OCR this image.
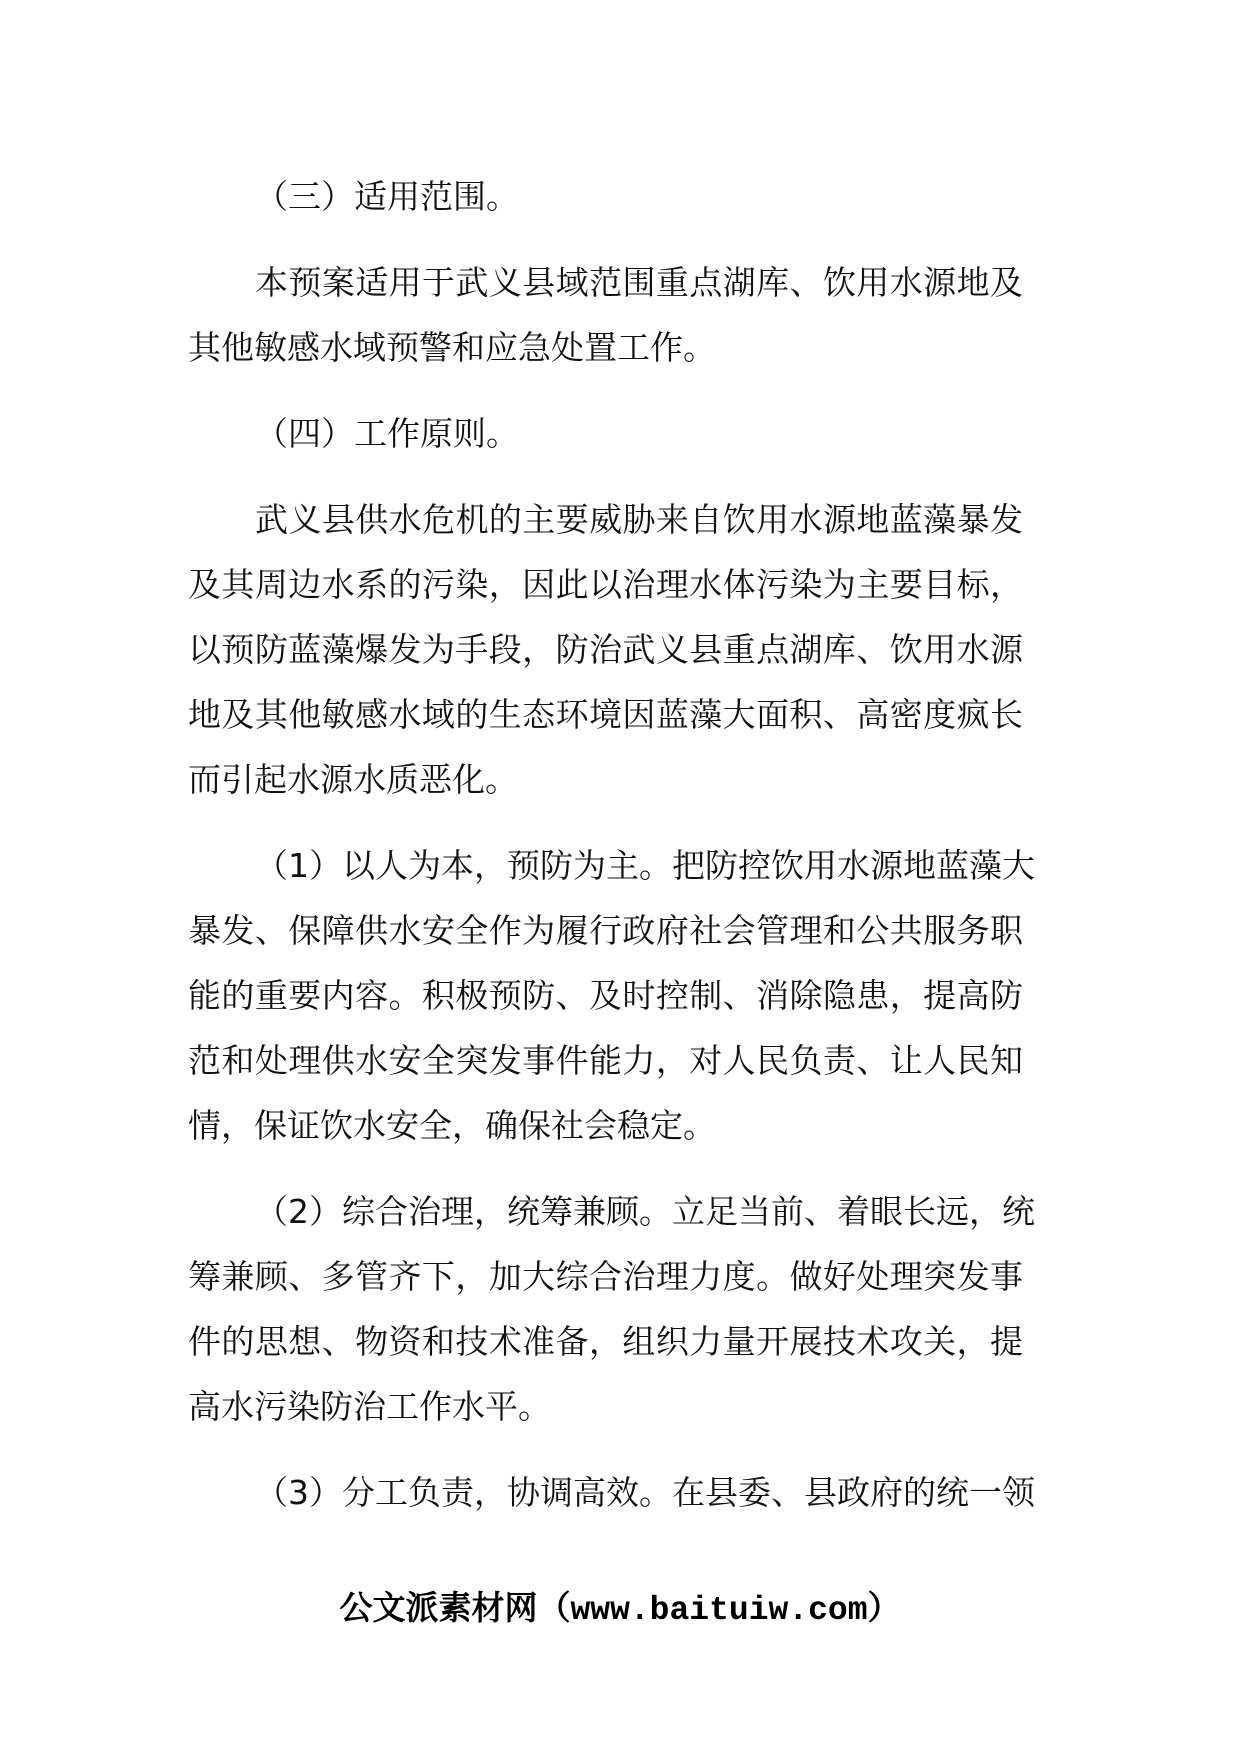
（三）适用范围。
本预案适用于武义县域范围重点湖库、饮用水源地及
其他敏感水域预警和应急处置工作。
（四）工作原则。
武义县供水危机的主要威胁来自饮用水源地蓝藻暴发
及其周边水系的污染，因此以治理水体污染为主要目标，
以预防蓝藻爆发为手段，防治武义县重点湖库、饮用水源
地及其他敏感水域的生态环境因蓝藻大面积、高密度疯长
而引起水源水质恶化。
（1）以人为本，预防为主。把防控饮用水源地蓝藻大
暴发、保障供水安全作为履行政府社会管理和公共服务职
能的重要内容。积极预防、及时控制、消除隐患，提高防
范和处理供水安全突发事件能力，对人民负责、让人民知
情，保证饮水安全，确保社会稳定。
（2）综合治理，统筹兼顾。立足当前、着眼长远，统
筹兼顾、多管齐下，加大综合治理力度。做好处理突发事
件的思想、物资和技术准备，组织力量开展技术攻关，提
高水污染防治工作水平。
（3）分工负责，协调高效。在县委、县政府的统一领
公文派素材网（www.baituiw.com）
